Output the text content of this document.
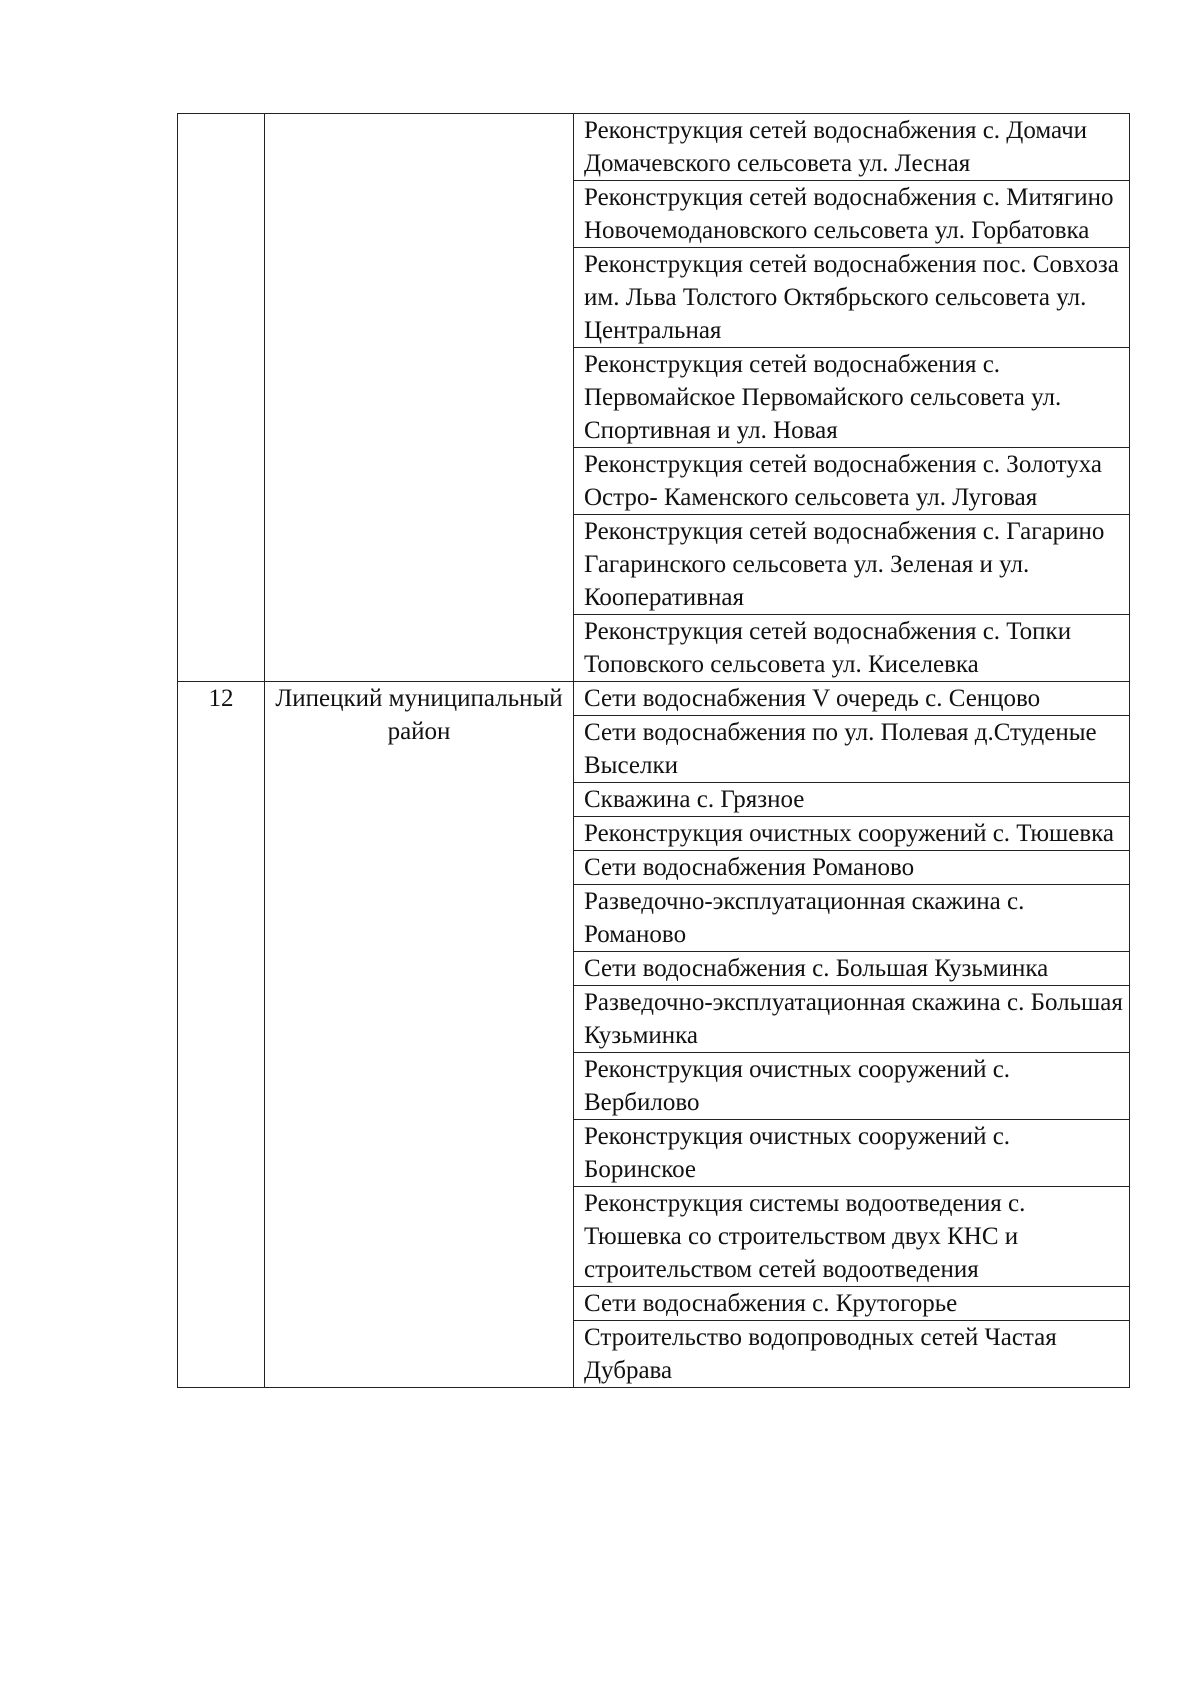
		Реконструкция сетей водоснабжения с. Домачи Домачевского сельсовета ул. Лесная

		Реконструкция сетей водоснабжения с. Митягино Новочемодановского сельсовета ул. Горбатовка

		Реконструкция сетей водоснабжения пос. Совхоза им. Льва Толстого Октябрьского сельсовета ул. Центральная

		Реконструкция сетей водоснабжения с. Первомайское Первомайского сельсовета ул. Спортивная и ул. Новая

		Реконструкция сетей водоснабжения с. Золотуха Остро- Каменского сельсовета ул. Луговая

		Реконструкция сетей водоснабжения с. Гагарино Гагаринского сельсовета ул. Зеленая и ул. Кооперативная

		Реконструкция сетей водоснабжения с. Топки Топовского сельсовета ул. Киселевка

12	Липецкий муниципальный район	Сети водоснабжения V очередь с. Сенцово

		Сети водоснабжения по ул. Полевая д.Студеные Выселки

		Скважина с. Грязное

		Реконструкция очистных сооружений с. Тюшевка

		Сети водоснабжения Романово

		Разведочно-эксплуатационная скажина с. Романово

		Сети водоснабжения с. Большая Кузьминка

		Разведочно-эксплуатационная скажина с. Большая Кузьминка

		Реконструкция очистных сооружений с. Вербилово

		Реконструкция очистных сооружений с. Боринское

		Реконструкция системы водоотведения с. Тюшевка со строительством двух КНС и строительством сетей водоотведения

		Сети водоснабжения с. Крутогорье

		Строительство водопроводных сетей Частая Дубрава
